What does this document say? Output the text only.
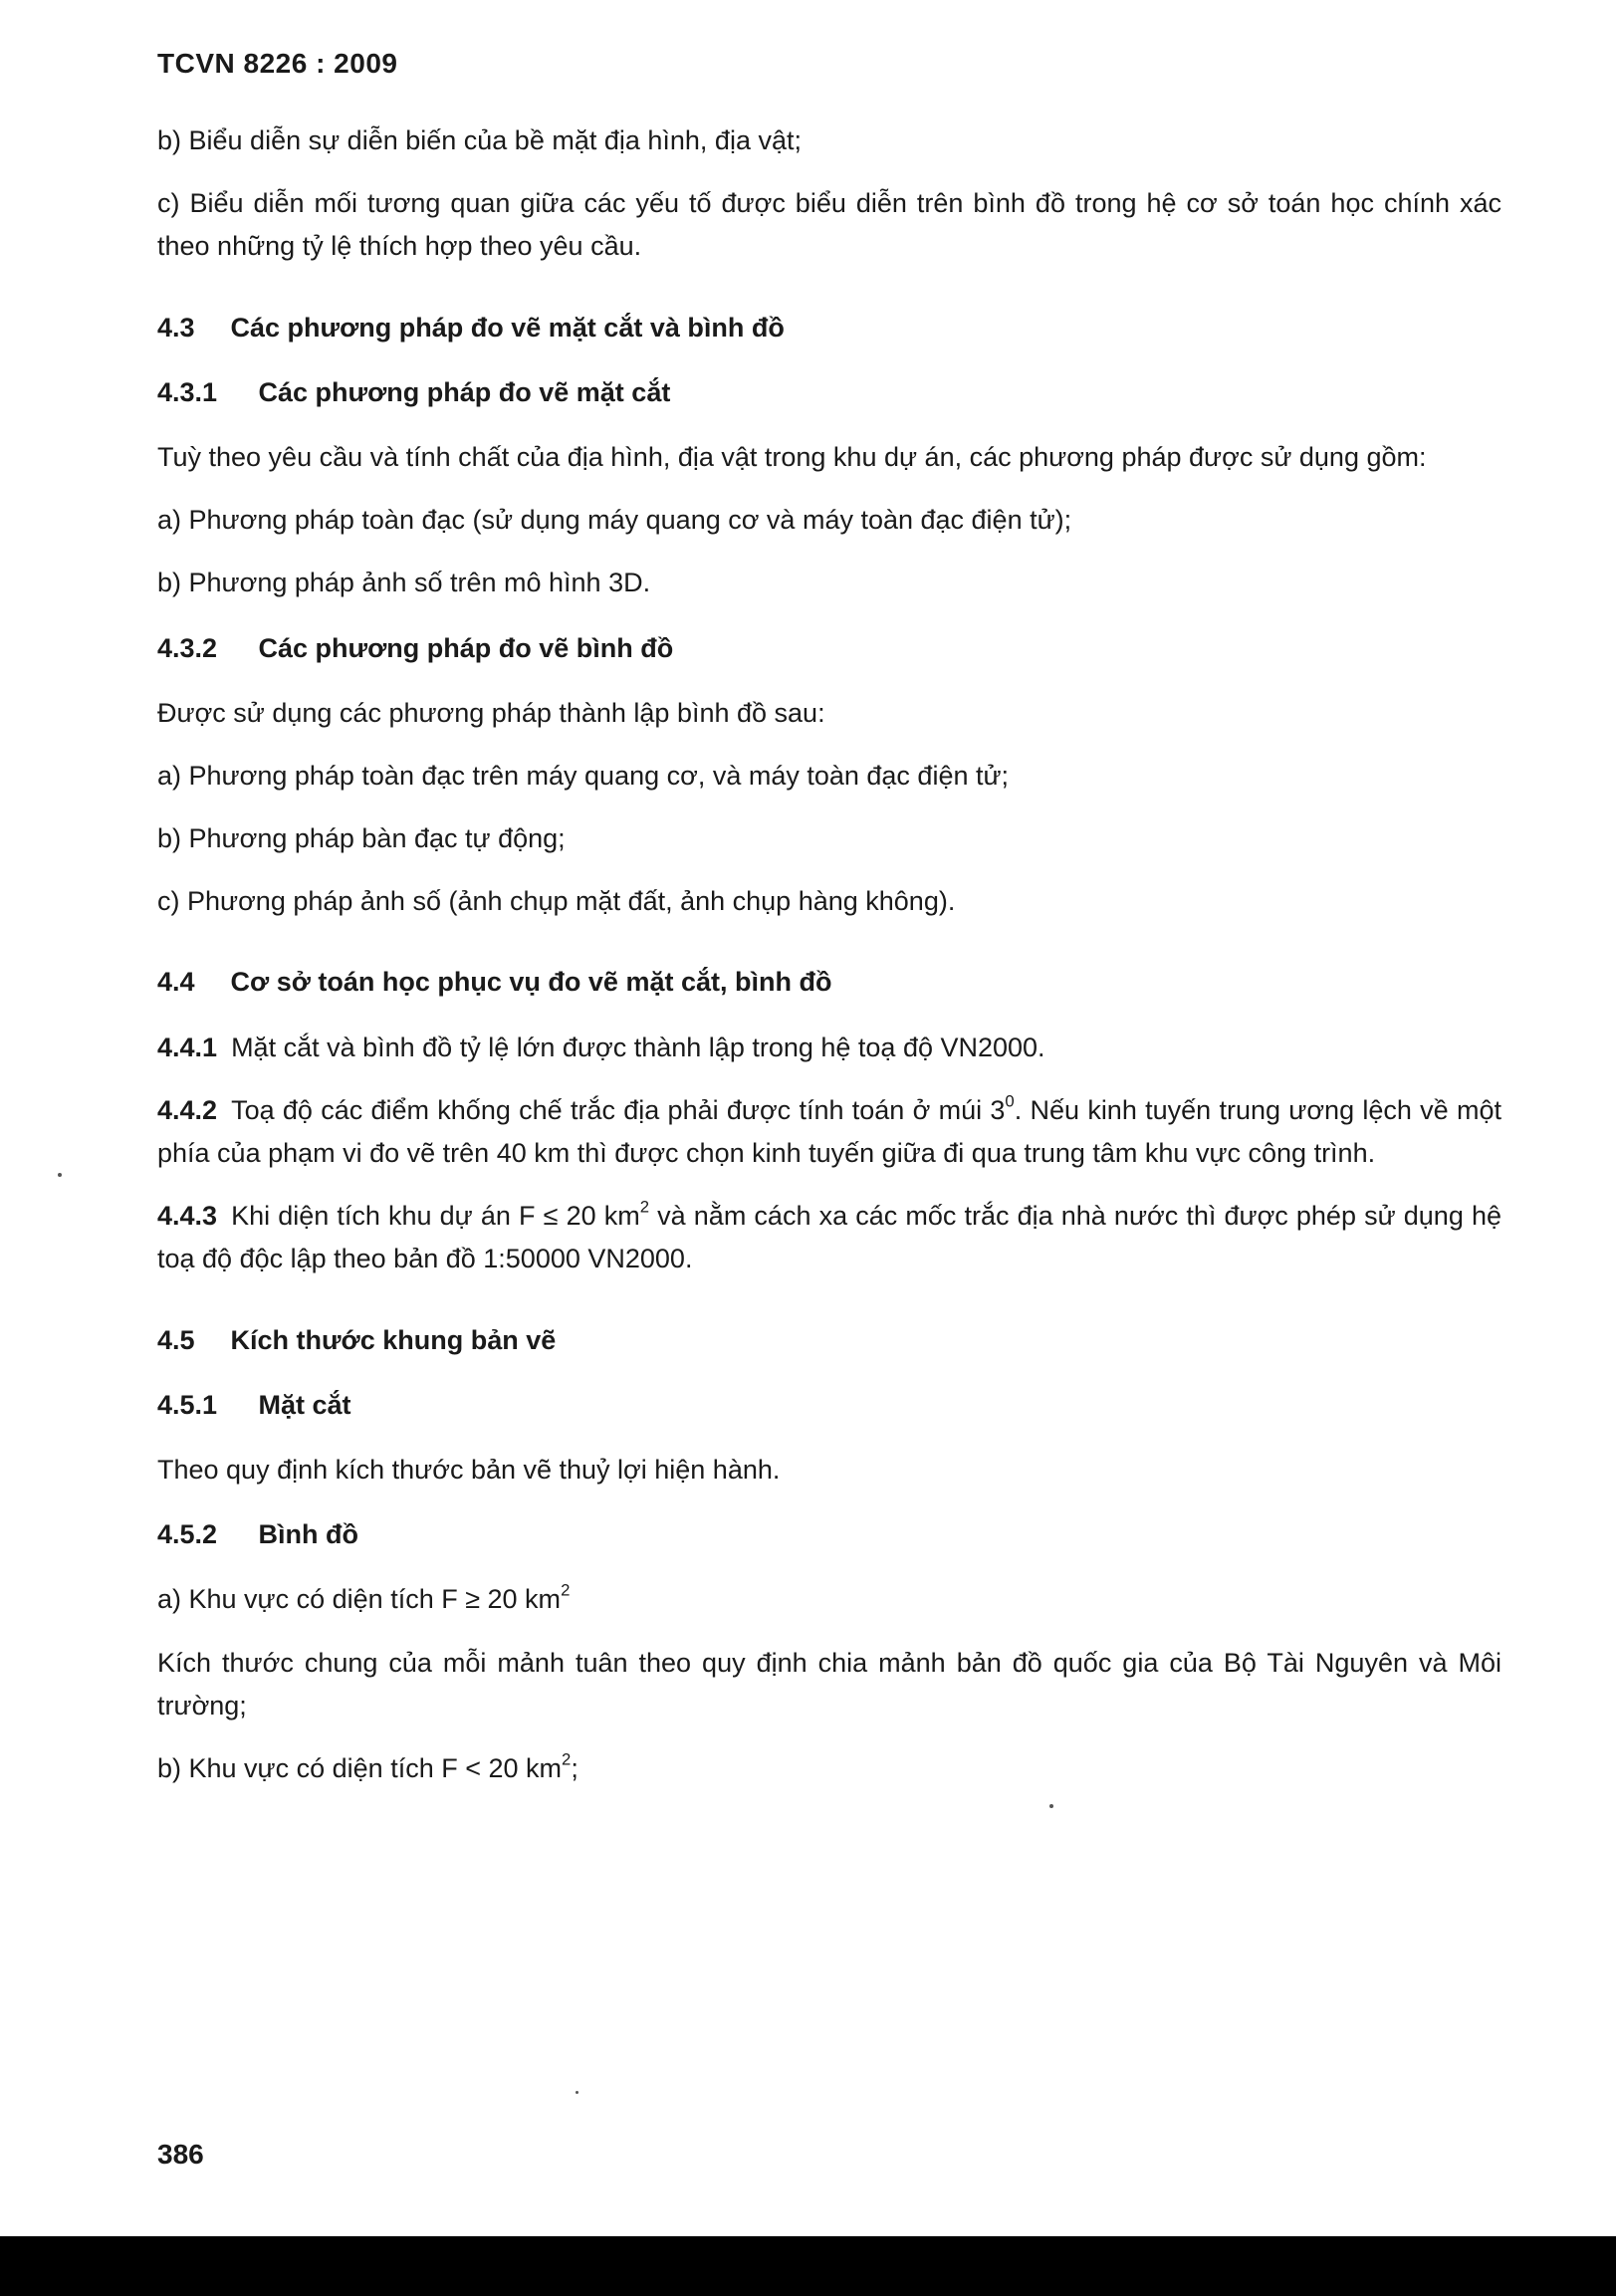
TCVN 8226 : 2009

b) Biểu diễn sự diễn biến của bề mặt địa hình, địa vật;

c) Biểu diễn mối tương quan giữa các yếu tố được biểu diễn trên bình đồ trong hệ cơ sở toán học chính xác theo những tỷ lệ thích hợp theo yêu cầu.

4.3 Các phương pháp đo vẽ mặt cắt và bình đồ
4.3.1 Các phương pháp đo vẽ mặt cắt

Tuỳ theo yêu cầu và tính chất của địa hình, địa vật trong khu dự án, các phương pháp được sử dụng gồm:

a) Phương pháp toàn đạc (sử dụng máy quang cơ và máy toàn đạc điện tử);

b) Phương pháp ảnh số trên mô hình 3D.

4.3.2 Các phương pháp đo vẽ bình đồ

Được sử dụng các phương pháp thành lập bình đồ sau:

a) Phương pháp toàn đạc trên máy quang cơ, và máy toàn đạc điện tử;

b) Phương pháp bàn đạc tự động;

c) Phương pháp ảnh số (ảnh chụp mặt đất, ảnh chụp hàng không).

4.4 Cơ sở toán học phục vụ đo vẽ mặt cắt, bình đồ

4.4.1 Mặt cắt và bình đồ tỷ lệ lớn được thành lập trong hệ toạ độ VN2000.

4.4.2 Toạ độ các điểm khống chế trắc địa phải được tính toán ở múi $3^0$. Nếu kinh tuyến trung ương lệch về một phía của phạm vi đo vẽ trên 40 km thì được chọn kinh tuyến giữa đi qua trung tâm khu vực công trình.

4.4.3 Khi diện tích khu dự án F ≤ 20 $km^2$ và nằm cách xa các mốc trắc địa nhà nước thì được phép sử dụng hệ toạ độ độc lập theo bản đồ 1:50000 VN2000.

4.5 Kích thước khung bản vẽ
4.5.1 Mặt cắt

Theo quy định kích thước bản vẽ thuỷ lợi hiện hành.

4.5.2 Bình đồ

a) Khu vực có diện tích F ≥ 20 $km^2$

Kích thước chung của mỗi mảnh tuân theo quy định chia mảnh bản đồ quốc gia của Bộ Tài Nguyên và Môi trường;

b) Khu vực có diện tích F < 20 $km^2$;

386
